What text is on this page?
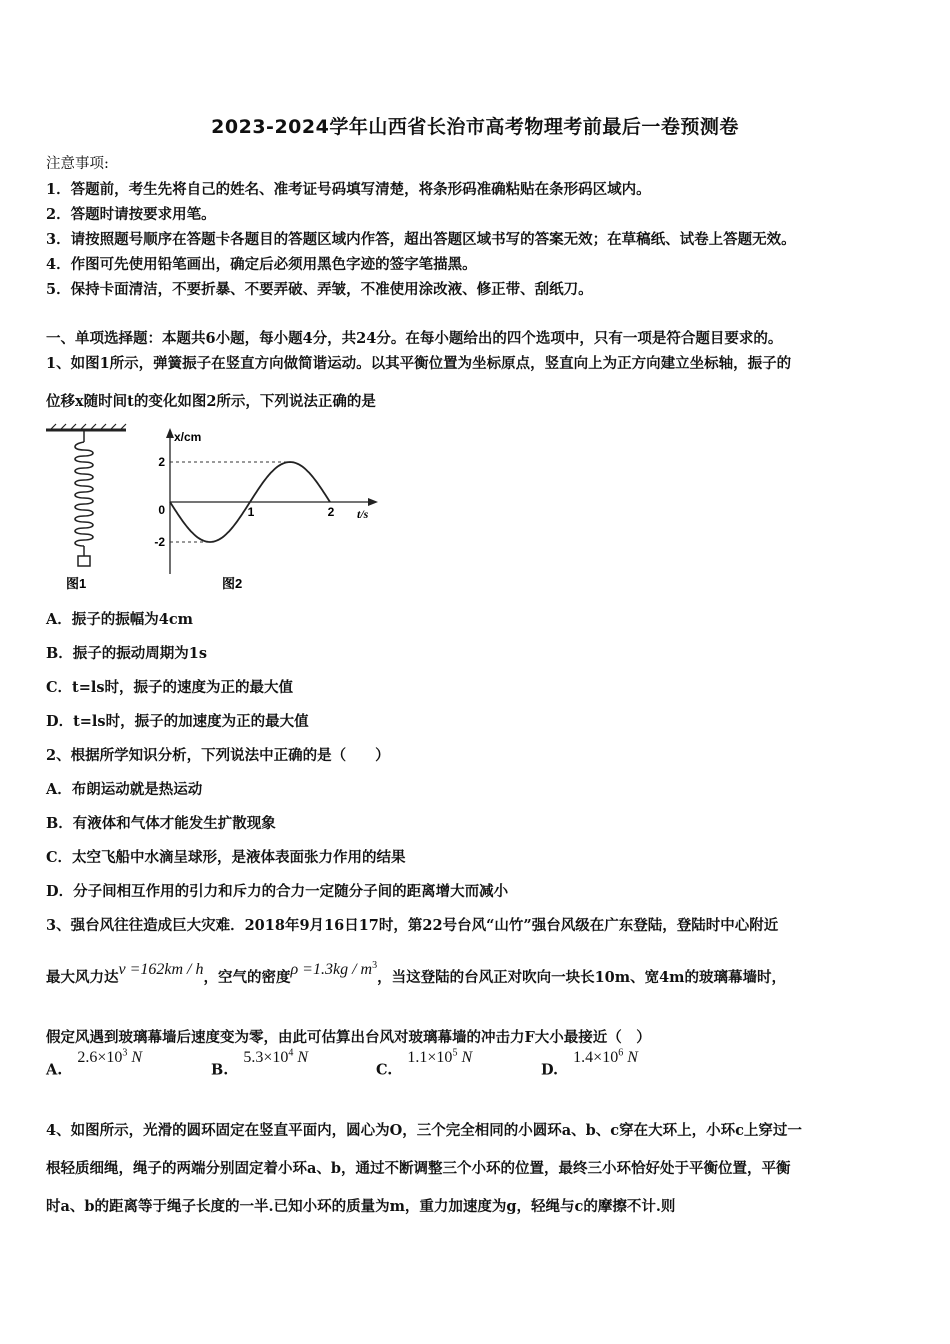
2023-2024学年山西省长治市高考物理考前最后一卷预测卷
注意事项:
1．答题前，考生先将自己的姓名、准考证号码填写清楚，将条形码准确粘贴在条形码区域内。
2．答题时请按要求用笔。
3．请按照题号顺序在答题卡各题目的答题区域内作答，超出答题区域书写的答案无效；在草稿纸、试卷上答题无效。
4．作图可先使用铅笔画出，确定后必须用黑色字迹的签字笔描黑。
5．保持卡面清洁，不要折暴、不要弄破、弄皱，不准使用涂改液、修正带、刮纸刀。
一、单项选择题：本题共6小题，每小题4分，共24分。在每小题给出的四个选项中，只有一项是符合题目要求的。
1、如图1所示，弹簧振子在竖直方向做简谐运动。以其平衡位置为坐标原点，竖直向上为正方向建立坐标轴，振子的
位移x随时间t的变化如图2所示，下列说法正确的是
图1
x/cm
t/s
2
0
-2
1	2
图2
A．振子的振幅为4cm
B．振子的振动周期为1s
C．t=ls时，振子的速度为正的最大值
D．t=ls时，振子的加速度为正的最大值
2、根据所学知识分析，下列说法中正确的是（　　）
A．布朗运动就是热运动
B．有液体和气体才能发生扩散现象
C．太空飞船中水滴呈球形，是液体表面张力作用的结果
D．分子间相互作用的引力和斥力的合力一定随分子间的距离增大而减小
3、强台风往往造成巨大灾难．2018年9月16日17时，第22号台风“山竹”强台风级在广东登陆，登陆时中心附近
最大风力达v =162km / h，空气的密度$\rho =1.3kg / m^3$，当这登陆的台风正对吹向一块长10m、宽4m的玻璃幕墙时，
假定风遇到玻璃幕墙后速度变为零，由此可估算出台风对玻璃幕墙的冲击力F大小最接近（　）
A. $2.6\times 10^3$ N
B. $5.3\times 10^4$ N
C. $1.1\times 10^5$ N
D. $1.4\times 10^6$ N
4、如图所示，光滑的圆环固定在竖直平面内，圆心为O，三个完全相同的小圆环a、b、c穿在大环上，小环c上穿过一
根轻质细绳，绳子的两端分别固定着小环a、b，通过不断调整三个小环的位置，最终三小环恰好处于平衡位置，平衡
时a、b的距离等于绳子长度的一半.已知小环的质量为m，重力加速度为g，轻绳与c的摩擦不计.则
